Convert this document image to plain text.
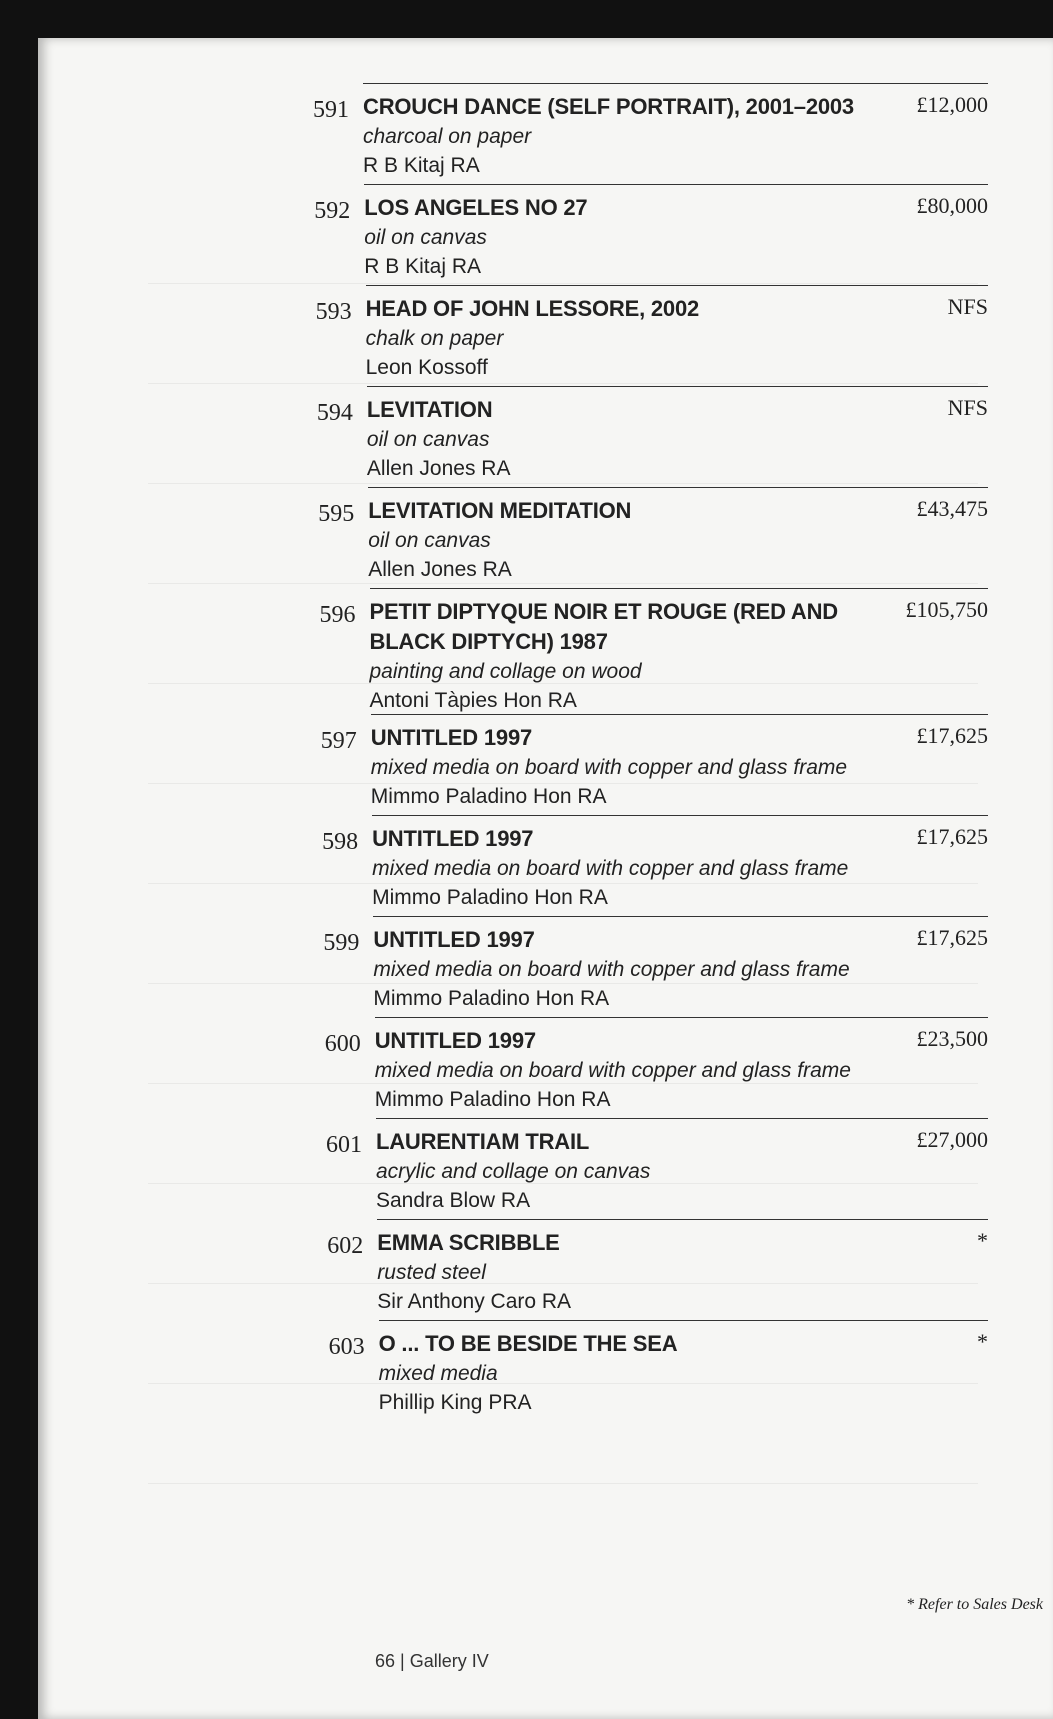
591 CROUCH DANCE (SELF PORTRAIT), 2001–2003
charcoal on paper
R B Kitaj RA
£12,000
592 LOS ANGELES NO 27
oil on canvas
R B Kitaj RA
£80,000
593 HEAD OF JOHN LESSORE, 2002
chalk on paper
Leon Kossoff
NFS
594 LEVITATION
oil on canvas
Allen Jones RA
NFS
595 LEVITATION MEDITATION
oil on canvas
Allen Jones RA
£43,475
596 PETIT DIPTYQUE NOIR ET ROUGE (RED AND BLACK DIPTYCH) 1987
painting and collage on wood
Antoni Tàpies Hon RA
£105,750
597 UNTITLED 1997
mixed media on board with copper and glass frame
Mimmo Paladino Hon RA
£17,625
598 UNTITLED 1997
mixed media on board with copper and glass frame
Mimmo Paladino Hon RA
£17,625
599 UNTITLED 1997
mixed media on board with copper and glass frame
Mimmo Paladino Hon RA
£17,625
600 UNTITLED 1997
mixed media on board with copper and glass frame
Mimmo Paladino Hon RA
£23,500
601 LAURENTIAM TRAIL
acrylic and collage on canvas
Sandra Blow RA
£27,000
602 EMMA SCRIBBLE
rusted steel
Sir Anthony Caro RA
*
603 O ... TO BE BESIDE THE SEA
mixed media
Phillip King PRA
*
* Refer to Sales Desk
66 | Gallery IV
